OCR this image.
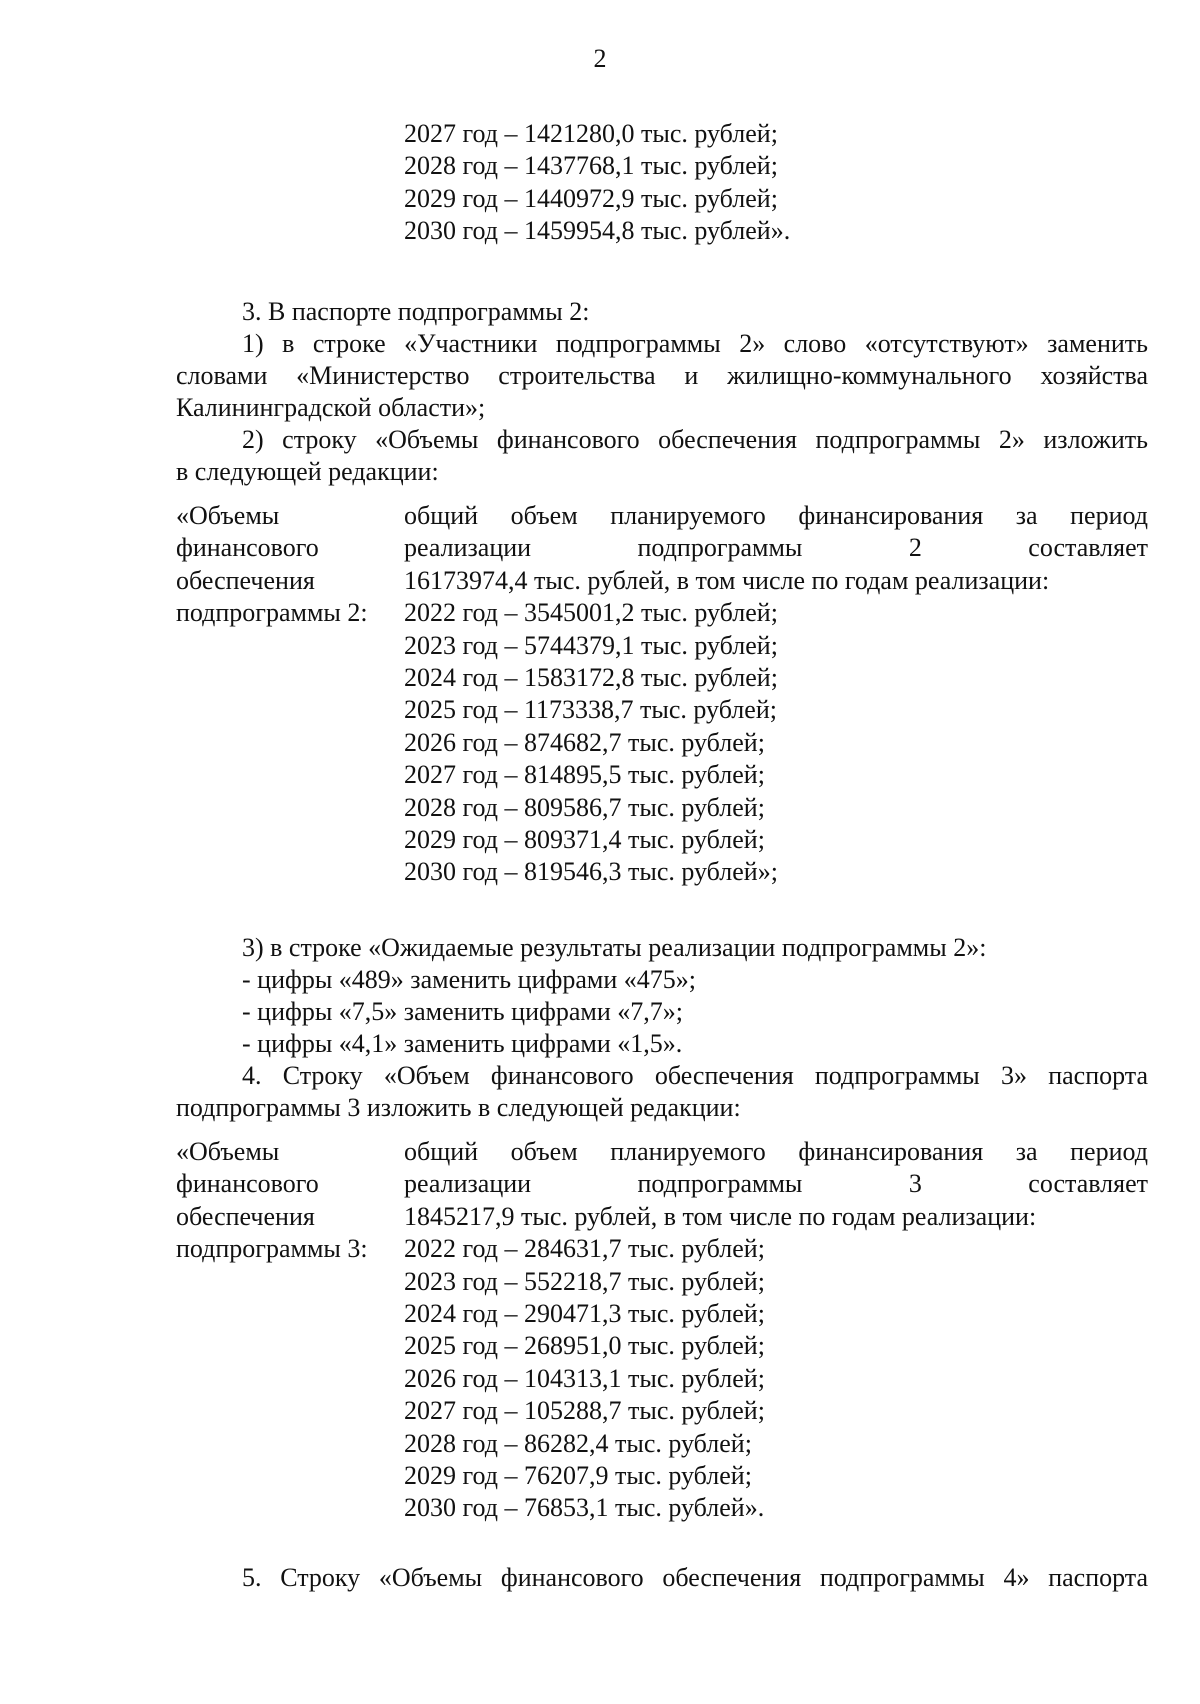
2
2027 год – 1421280,0 тыс. рублей;
2028 год – 1437768,1 тыс. рублей;
2029 год – 1440972,9 тыс. рублей;
2030 год – 1459954,8 тыс. рублей».
3. В паспорте подпрограммы 2:
1) в строке «Участники подпрограммы 2» слово «отсутствуют» заменить
словами «Министерство строительства и жилищно-коммунального хозяйства
Калининградской области»;
2) строку «Объемы финансового обеспечения подпрограммы 2» изложить
в следующей редакции:
«Объемы
финансового
обеспечения
подпрограммы 2:
общий объем планируемого финансирования за период
реализации подпрограммы 2 составляет
16173974,4 тыс. рублей, в том числе по годам реализации:
2022 год – 3545001,2 тыс. рублей;
2023 год – 5744379,1 тыс. рублей;
2024 год – 1583172,8 тыс. рублей;
2025 год – 1173338,7 тыс. рублей;
2026 год – 874682,7 тыс. рублей;
2027 год – 814895,5 тыс. рублей;
2028 год – 809586,7 тыс. рублей;
2029 год – 809371,4 тыс. рублей;
2030 год – 819546,3 тыс. рублей»;
3) в строке «Ожидаемые результаты реализации подпрограммы 2»:
- цифры «489» заменить цифрами «475»;
- цифры «7,5» заменить цифрами «7,7»;
- цифры «4,1» заменить цифрами «1,5».
4. Строку «Объем финансового обеспечения подпрограммы 3» паспорта
подпрограммы 3 изложить в следующей редакции:
«Объемы
финансового
обеспечения
подпрограммы 3:
общий объем планируемого финансирования за период
реализации подпрограммы 3 составляет
1845217,9 тыс. рублей, в том числе по годам реализации:
2022 год – 284631,7 тыс. рублей;
2023 год – 552218,7 тыс. рублей;
2024 год – 290471,3 тыс. рублей;
2025 год – 268951,0 тыс. рублей;
2026 год – 104313,1 тыс. рублей;
2027 год – 105288,7 тыс. рублей;
2028 год – 86282,4 тыс. рублей;
2029 год – 76207,9 тыс. рублей;
2030 год – 76853,1 тыс. рублей».
5. Строку «Объемы финансового обеспечения подпрограммы 4» паспорта
